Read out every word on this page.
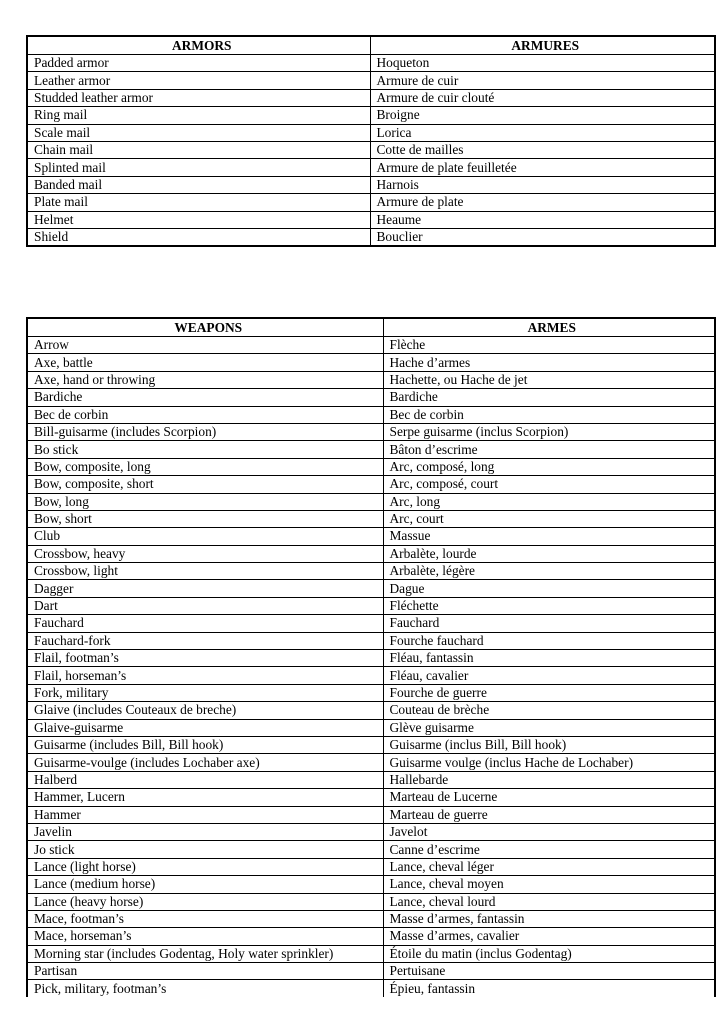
ARMORS	ARMURES
Padded armor	Hoqueton
Leather armor	Armure de cuir
Studded leather armor	Armure de cuir clouté
Ring mail	Broigne
Scale mail	Lorica
Chain mail	Cotte de mailles
Splinted mail	Armure de plate feuilletée
Banded mail	Harnois
Plate mail	Armure de plate
Helmet	Heaume
Shield	Bouclier
WEAPONS	ARMES
Arrow	Flèche
Axe, battle	Hache d’armes
Axe, hand or throwing	Hachette, ou Hache de jet
Bardiche	Bardiche
Bec de corbin	Bec de corbin
Bill-guisarme (includes Scorpion)	Serpe guisarme (inclus Scorpion)
Bo stick	Bâton d’escrime
Bow, composite, long	Arc, composé, long
Bow, composite, short	Arc, composé, court
Bow, long	Arc, long
Bow, short	Arc, court
Club	Massue
Crossbow, heavy	Arbalète, lourde
Crossbow, light	Arbalète, légère
Dagger	Dague
Dart	Fléchette
Fauchard	Fauchard
Fauchard-fork	Fourche fauchard
Flail, footman’s	Fléau, fantassin
Flail, horseman’s	Fléau, cavalier
Fork, military	Fourche de guerre
Glaive (includes Couteaux de breche)	Couteau de brèche
Glaive-guisarme	Glève guisarme
Guisarme (includes Bill, Bill hook)	Guisarme (inclus Bill, Bill hook)
Guisarme-voulge (includes Lochaber axe)	Guisarme voulge (inclus Hache de Lochaber)
Halberd	Hallebarde
Hammer, Lucern	Marteau de Lucerne
Hammer	Marteau de guerre
Javelin	Javelot
Jo stick	Canne d’escrime
Lance (light horse)	Lance, cheval léger
Lance (medium horse)	Lance, cheval moyen
Lance (heavy horse)	Lance, cheval lourd
Mace, footman’s	Masse d’armes, fantassin
Mace, horseman’s	Masse d’armes, cavalier
Morning star (includes Godentag, Holy water sprinkler)	Étoile du matin (inclus Godentag)
Partisan	Pertuisane
Pick, military, footman’s	Épieu, fantassin
